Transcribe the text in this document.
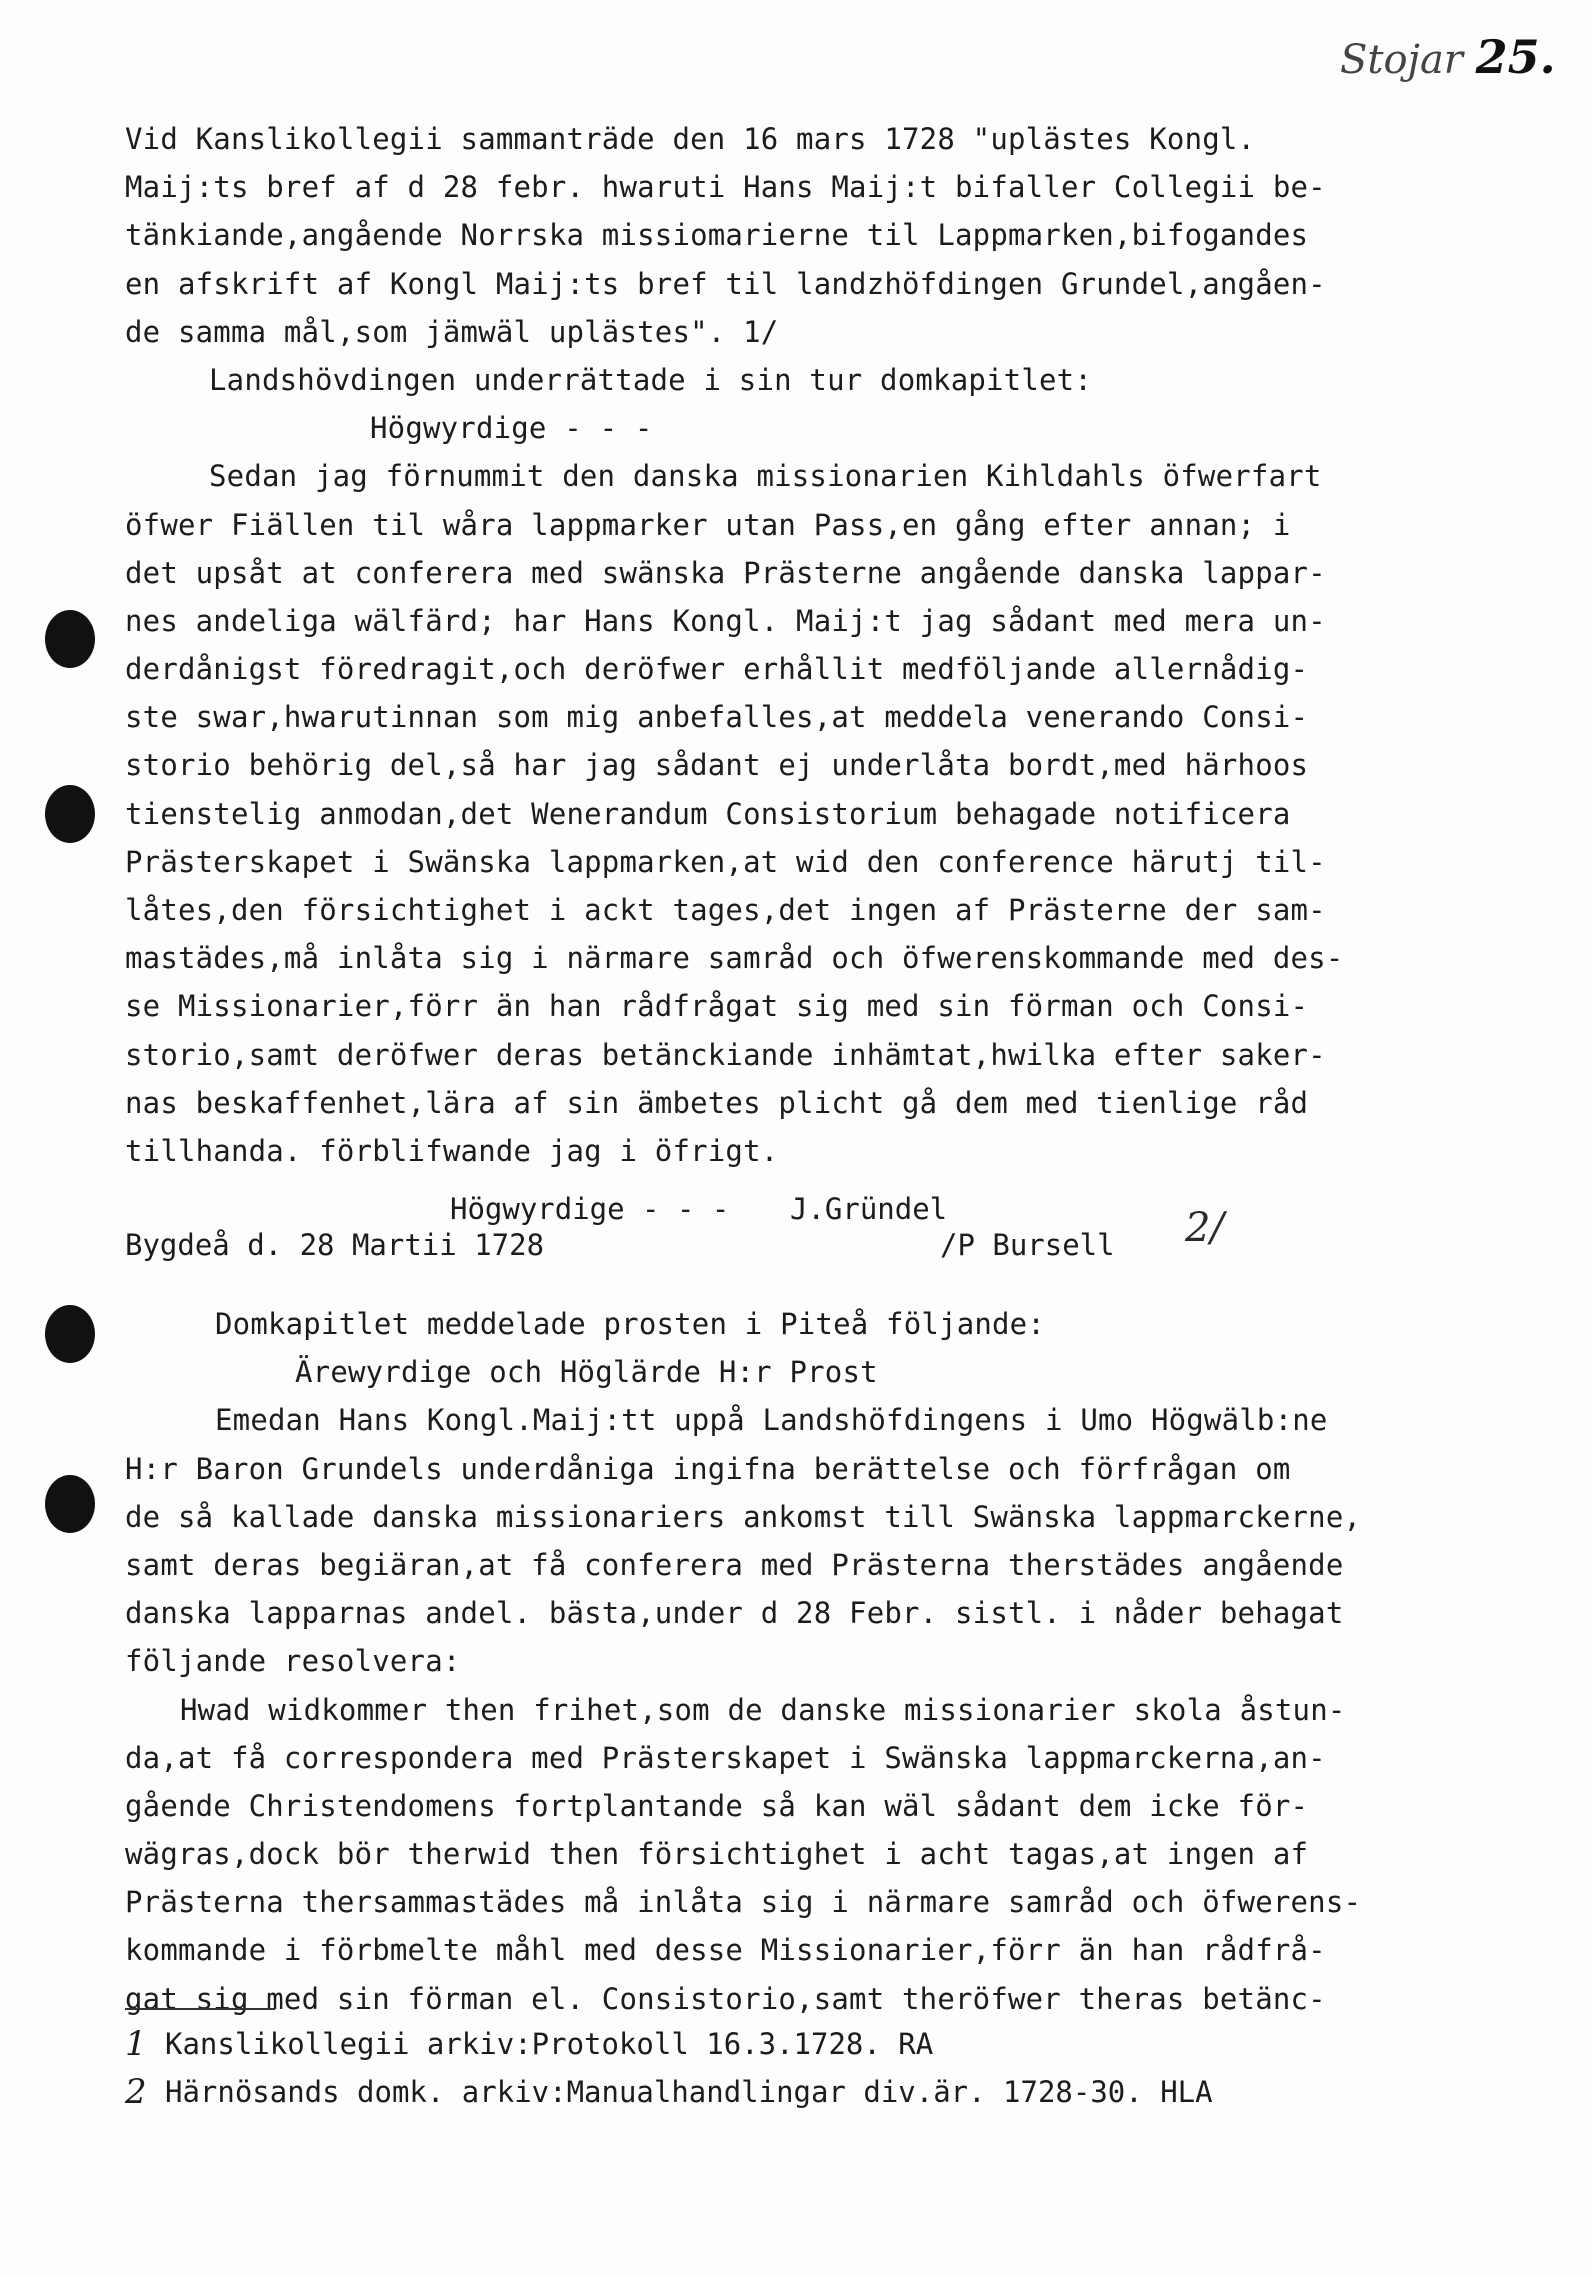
Stojar 25.
Vid Kanslikollegii sammanträde den 16 mars 1728 "uplästes Kongl.
Maij:ts bref af d 28 febr. hwaruti Hans Maij:t bifaller Collegii be-
tänkiande,angående Norrska missiomarierne til Lappmarken,bifogandes
en afskrift af Kongl Maij:ts bref til landzhöfdingen Grundel,angåen-
de samma mål,som jämwäl uplästes". 1/
Landshövdingen underrättade i sin tur domkapitlet:
Högwyrdige - - -
Sedan jag förnummit den danska missionarien Kihldahls öfwerfart
öfwer Fiällen til wåra lappmarker utan Pass,en gång efter annan; i
det upsåt at conferera med swänska Prästerne angående danska lappar-
nes andeliga wälfärd; har Hans Kongl. Maij:t jag sådant med mera un-
derdånigst föredragit,och deröfwer erhållit medföljande allernådig-
ste swar,hwarutinnan som mig anbefalles,at meddela venerando Consi-
storio behörig del,så har jag sådant ej underlåta bordt,med härhoos
tienstelig anmodan,det Wenerandum Consistorium behagade notificera
Prästerskapet i Swänska lappmarken,at wid den conference härutj til-
låtes,den försichtighet i ackt tages,det ingen af Prästerne der sam-
mastädes,må inlåta sig i närmare samråd och öfwerenskommande med des-
se Missionarier,förr än han rådfrågat sig med sin förman och Consi-
storio,samt deröfwer deras betänckiande inhämtat,hwilka efter saker-
nas beskaffenhet,lära af sin ämbetes plicht gå dem med tienlige råd
tillhanda. förblifwande jag i öfrigt.
Högwyrdige - - - J.Gründel
Bygdeå d. 28 Martii 1728	/P Bursell 2/
Domkapitlet meddelade prosten i Piteå följande:
Ärewyrdige och Höglärde H:r Prost
Emedan Hans Kongl.Maij:tt uppå Landshöfdingens i Umo Högwälb:ne
H:r Baron Grundels underdåniga ingifna berättelse och förfrågan om
de så kallade danska missionariers ankomst till Swänska lappmarckerne,
samt deras begiäran,at få conferera med Prästerna therstädes angående
danska lapparnas andel. bästa,under d 28 Febr. sistl. i nåder behagat
följande resolvera:
Hwad widkommer then frihet,som de danske missionarier skola åstun-
da,at få correspondera med Prästerskapet i Swänska lappmarckerna,an-
gående Christendomens fortplantande så kan wäl sådant dem icke för-
wägras,dock bör therwid then försichtighet i acht tagas,at ingen af
Prästerna thersammastädes må inlåta sig i närmare samråd och öfwerens-
kommande i förbmelte måhl med desse Missionarier,förr än han rådfrå-
gat sig med sin förman el. Consistorio,samt theröfwer theras betänc-
1 Kanslikollegii arkiv:Protokoll 16.3.1728. RA
2 Härnösands domk. arkiv:Manualhandlingar div.är. 1728-30. HLA
